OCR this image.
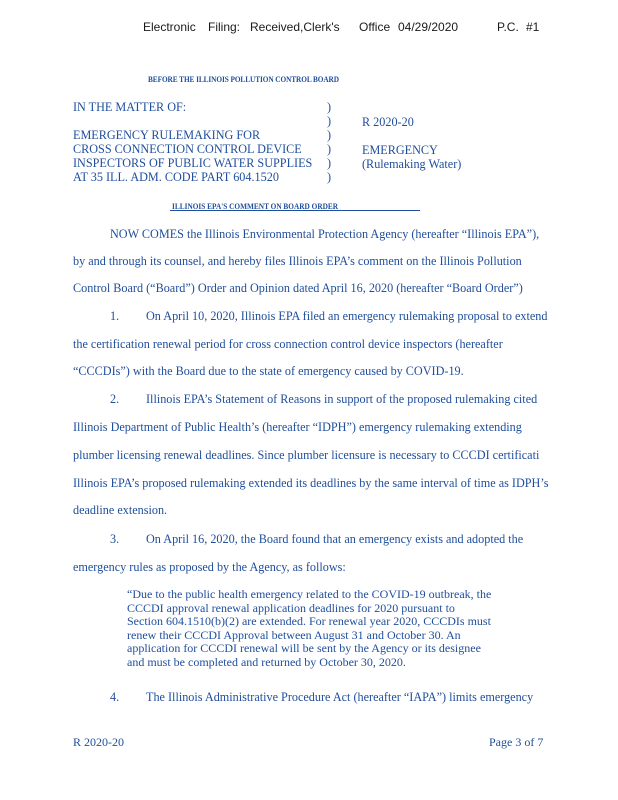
Electronic Filing: Received,Clerk's Office 04/29/2020	P.C. #1
BEFORE THE ILLINOIS POLLUTION CONTROL BOARD
IN THE MATTER OF:
EMERGENCY RULEMAKING FOR
CROSS CONNECTION CONTROL DEVICE
INSPECTORS OF PUBLIC WATER SUPPLIES
AT 35 ILL. ADM. CODE PART 604.1520
)
)
)
)
)
)
R 2020-20
EMERGENCY
(Rulemaking Water)
ILLINOIS EPA'S COMMENT ON BOARD ORDER
NOW COMES the Illinois Environmental Protection Agency (hereafter “Illinois EPA”),
by and through its counsel, and hereby files Illinois EPA’s comment on the Illinois Pollution
Control Board (“Board”) Order and Opinion dated April 16, 2020 (hereafter “Board Order”)
1. On April 10, 2020, Illinois EPA filed an emergency rulemaking proposal to extend
the certification renewal period for cross connection control device inspectors (hereafter
“CCCDIs”) with the Board due to the state of emergency caused by COVID-19.
2. Illinois EPA’s Statement of Reasons in support of the proposed rulemaking cited
Illinois Department of Public Health’s (hereafter “IDPH”) emergency rulemaking extending
plumber licensing renewal deadlines. Since plumber licensure is necessary to CCCDI certificati
Illinois EPA’s proposed rulemaking extended its deadlines by the same interval of time as IDPH’s
deadline extension.
3. On April 16, 2020, the Board found that an emergency exists and adopted the
emergency rules as proposed by the Agency, as follows:
“Due to the public health emergency related to the COVID-19 outbreak, the
CCCDI approval renewal application deadlines for 2020 pursuant to
Section 604.1510(b)(2) are extended. For renewal year 2020, CCCDIs must
renew their CCCDI Approval between August 31 and October 30. An
application for CCCDI renewal will be sent by the Agency or its designee
and must be completed and returned by October 30, 2020.
4. The Illinois Administrative Procedure Act (hereafter “IAPA”) limits emergency
R 2020-20	Page 3 of 7
